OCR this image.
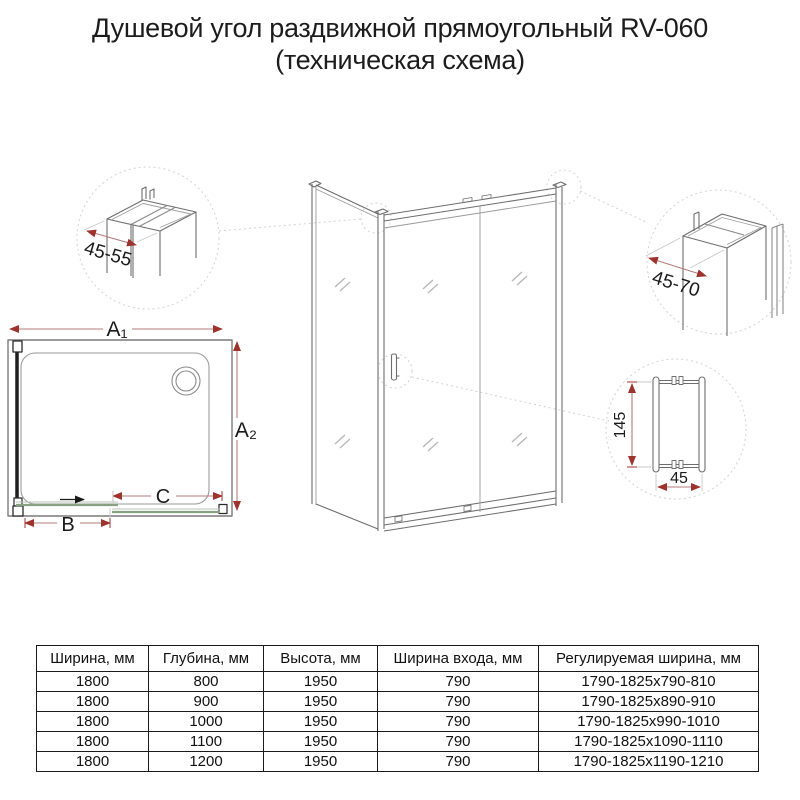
Душевой угол раздвижной прямоугольный RV-060
(техническая схема)
45-55
45-70
145
45
A₁
A₂
C
B
Ширина, мм	Глубина, мм	Высота, мм	Ширина входа, мм	Регулируемая ширина, мм
1800	800	1950	790	1790-1825x790-810
1800	900	1950	790	1790-1825x890-910
1800	1000	1950	790	1790-1825x990-1010
1800	1100	1950	790	1790-1825x1090-1110
1800	1200	1950	790	1790-1825x1190-1210
